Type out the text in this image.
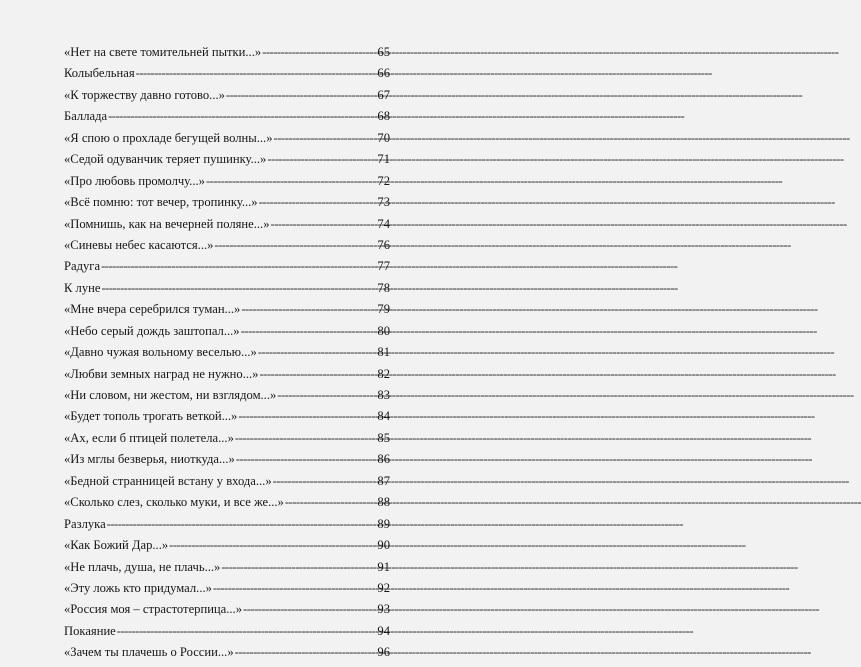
«Нет на свете томительней пытки...» -----	65
Колыбельная -----	66
«К торжеству давно готово...» -----	67
Баллада -----	68
«Я спою о прохладе бегущей волны...» -----	70
«Седой одуванчик теряет пушинку...» -----	71
«Про любовь промолчу...» -----	72
«Всё помню: тот вечер, тропинку...» -----	73
«Помнишь, как на вечерней поляне...» -----	74
«Синевы небес касаются...» -----	76
Радуга -----	77
К луне -----	78
«Мне вчера серебрился туман...» -----	79
«Небо серый дождь заштопал...» -----	80
«Давно чужая вольному веселью...» -----	81
«Любви земных наград не нужно...» -----	82
«Ни словом, ни жестом, ни взглядом...» -----	83
«Будет тополь трогать веткой...» -----	84
«Ах, если б птицей полетела...» -----	85
«Из мглы безверья, ниоткуда...» -----	86
«Бедной странницей встану у входа...» -----	87
«Сколько слез, сколько муки, и все же...» -----	88
Разлука -----	89
«Как Божий Дар...» -----	90
«Не плачь, душа, не плачь...» -----	91
«Эту ложь кто придумал...» -----	92
«Россия моя – страстотерпица...» -----	93
Покаяние -----	94
«Зачем ты плачешь о России...» -----	96
